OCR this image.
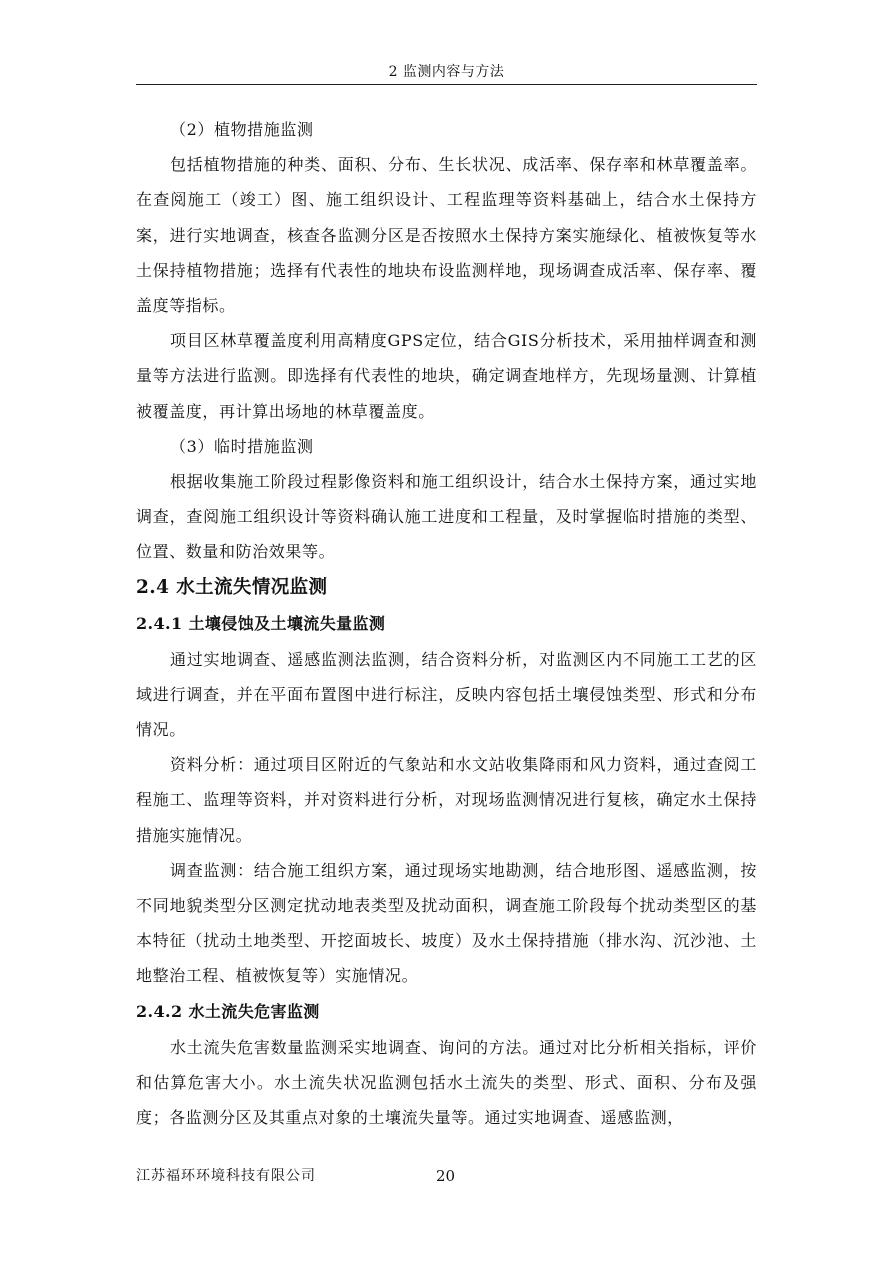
2 监测内容与方法

（2）植物措施监测

包括植物措施的种类、面积、分布、生长状况、成活率、保存率和林草覆盖率。在查阅施工（竣工）图、施工组织设计、工程监理等资料基础上，结合水土保持方案，进行实地调查，核查各监测分区是否按照水土保持方案实施绿化、植被恢复等水土保持植物措施；选择有代表性的地块布设监测样地，现场调查成活率、保存率、覆盖度等指标。

项目区林草覆盖度利用高精度GPS定位，结合GIS分析技术，采用抽样调查和测量等方法进行监测。即选择有代表性的地块，确定调查地样方，先现场量测、计算植被覆盖度，再计算出场地的林草覆盖度。

（3）临时措施监测

根据收集施工阶段过程影像资料和施工组织设计，结合水土保持方案，通过实地调查，查阅施工组织设计等资料确认施工进度和工程量，及时掌握临时措施的类型、位置、数量和防治效果等。

2.4 水土流失情况监测
2.4.1 土壤侵蚀及土壤流失量监测

通过实地调查、遥感监测法监测，结合资料分析，对监测区内不同施工工艺的区域进行调查，并在平面布置图中进行标注，反映内容包括土壤侵蚀类型、形式和分布情况。

资料分析：通过项目区附近的气象站和水文站收集降雨和风力资料，通过查阅工程施工、监理等资料，并对资料进行分析，对现场监测情况进行复核，确定水土保持措施实施情况。

调查监测：结合施工组织方案，通过现场实地勘测，结合地形图、遥感监测，按不同地貌类型分区测定扰动地表类型及扰动面积，调查施工阶段每个扰动类型区的基本特征（扰动土地类型、开挖面坡长、坡度）及水土保持措施（排水沟、沉沙池、土地整治工程、植被恢复等）实施情况。

2.4.2 水土流失危害监测

水土流失危害数量监测采实地调查、询问的方法。通过对比分析相关指标，评价和估算危害大小。水土流失状况监测包括水土流失的类型、形式、面积、分布及强度；各监测分区及其重点对象的土壤流失量等。通过实地调查、遥感监测，

江苏福环环境科技有限公司	20
